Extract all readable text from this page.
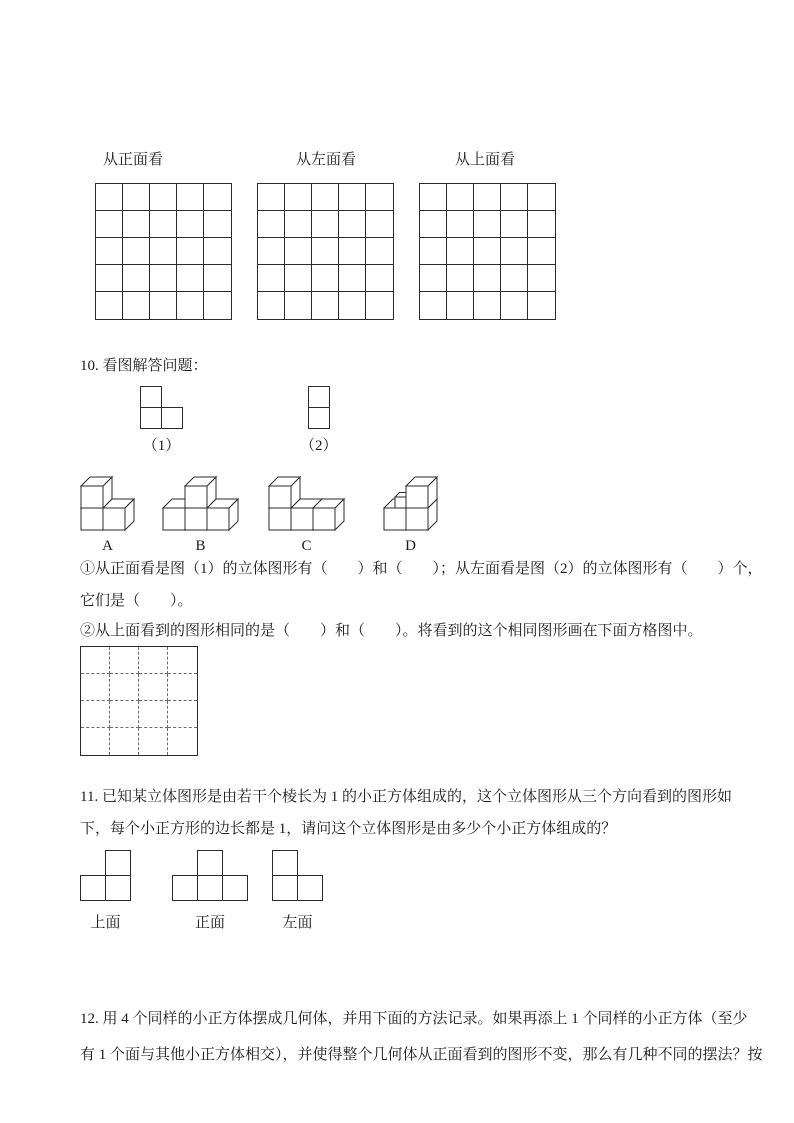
从正面看	从左面看	从上面看
10. 看图解答问题：
（1）	（2）
A	B	C	D
①从正面看是图（1）的立体图形有（　　）和（　　）；从左面看是图（2）的立体图形有（　　）个，
它们是（　　）。
②从上面看到的图形相同的是（　　）和（　　）。将看到的这个相同图形画在下面方格图中。
11. 已知某立体图形是由若干个棱长为 1 的小正方体组成的，这个立体图形从三个方向看到的图形如
下，每个小正方形的边长都是 1，请问这个立体图形是由多少个小正方体组成的？
上面	正面	左面
12. 用 4 个同样的小正方体摆成几何体，并用下面的方法记录。如果再添上 1 个同样的小正方体（至少
有 1 个面与其他小正方体相交），并使得整个几何体从正面看到的图形不变，那么有几种不同的摆法？按
